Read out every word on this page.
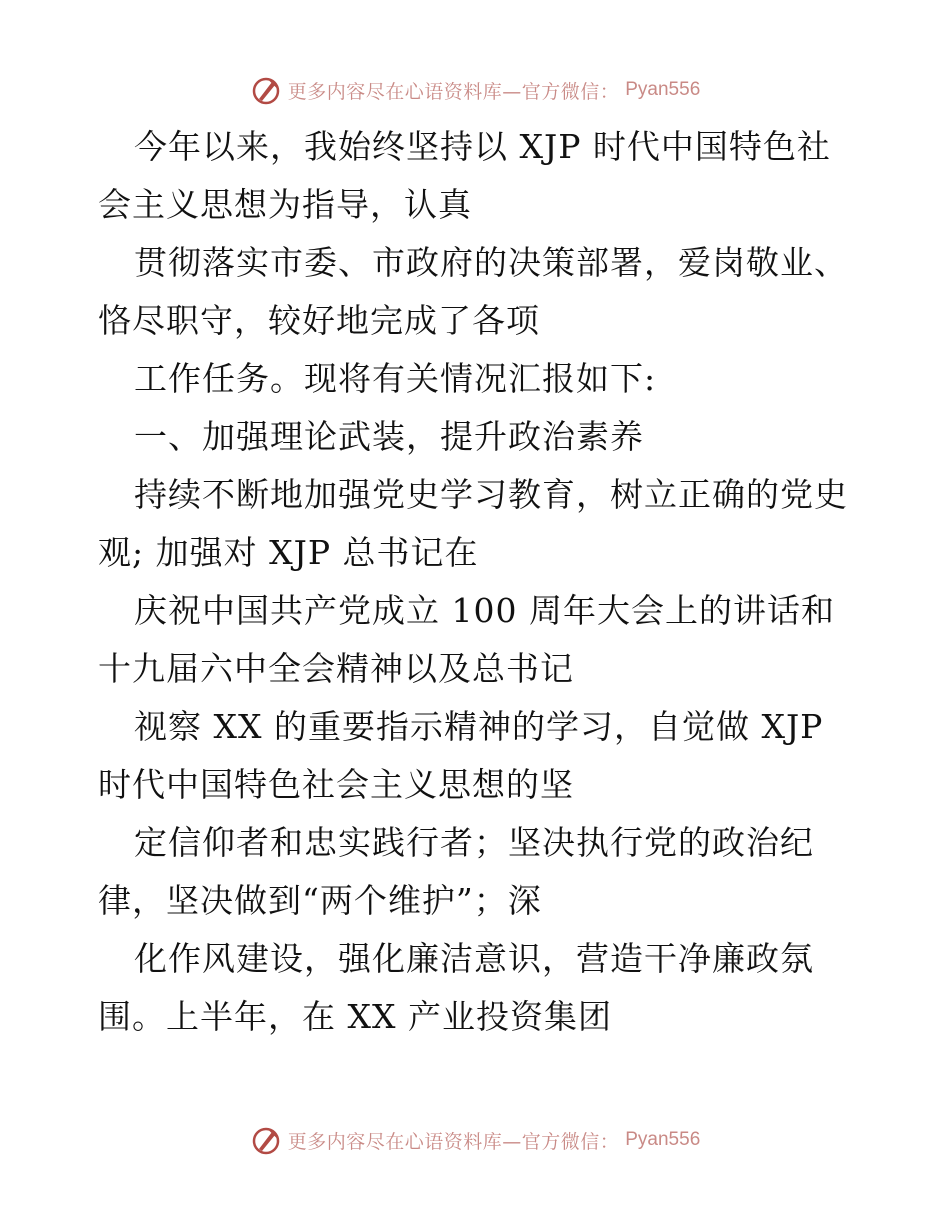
更多内容尽在心语资料库—官方微信： Pyan556
今年以来，我始终坚持以 XJP 时代中国特色社
会主义思想为指导，认真
贯彻落实市委、市政府的决策部署，爱岗敬业、
恪尽职守，较好地完成了各项
工作任务。现将有关情况汇报如下:
一、加强理论武装，提升政治素养
持续不断地加强党史学习教育，树立正确的党史
观; 加强对 XJP 总书记在
庆祝中国共产党成立 100 周年大会上的讲话和
十九届六中全会精神以及总书记
视察 XX 的重要指示精神的学习，自觉做 XJP
时代中国特色社会主义思想的坚
定信仰者和忠实践行者；坚决执行党的政治纪
律，坚决做到“两个维护”；深
化作风建设，强化廉洁意识，营造干净廉政氛
围。上半年，在 XX 产业投资集团
更多内容尽在心语资料库—官方微信： Pyan556
